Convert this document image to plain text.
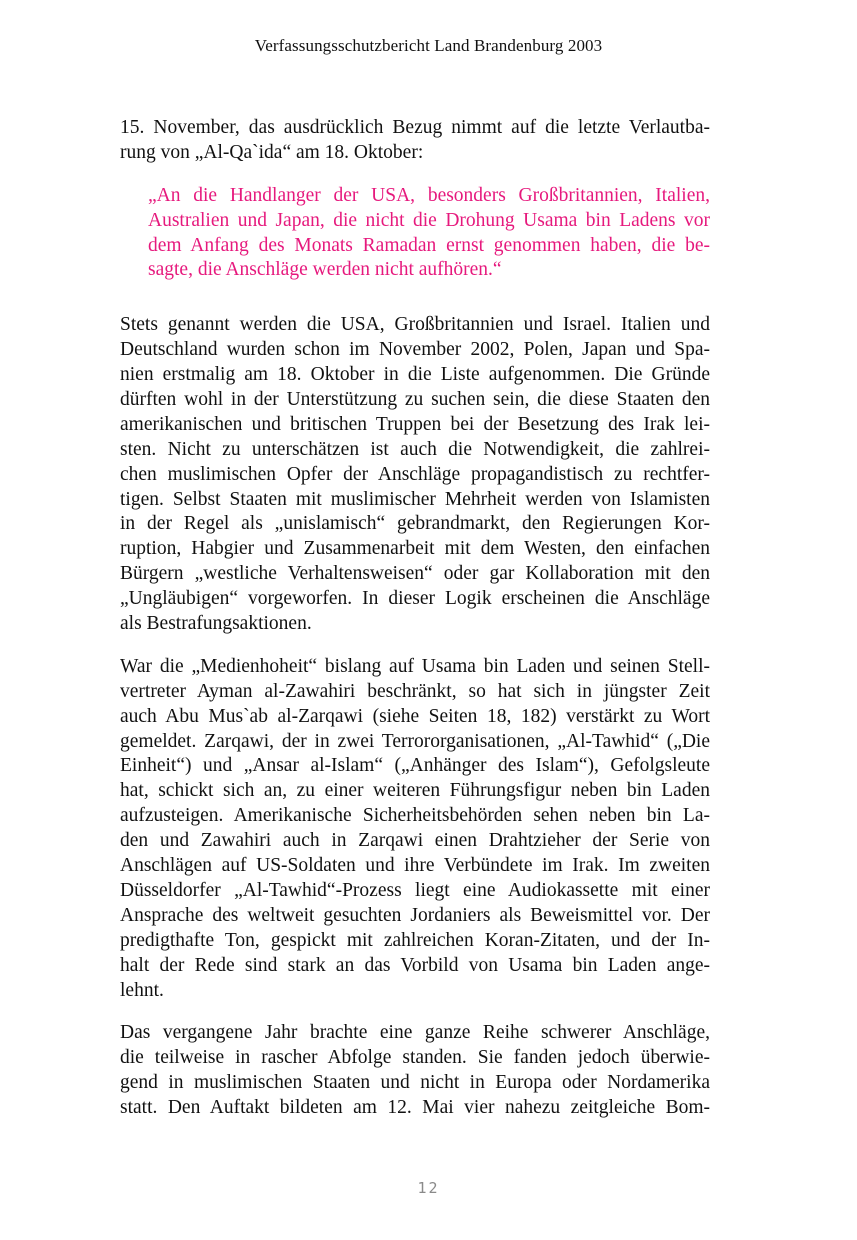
Verfassungsschutzbericht Land Brandenburg 2003
15. November, das ausdrücklich Bezug nimmt auf die letzte Verlautba-
rung von „Al-Qa`ida“ am 18. Oktober:
„An die Handlanger der USA, besonders Großbritannien, Italien,
Australien und Japan, die nicht die Drohung Usama bin Ladens vor
dem Anfang des Monats Ramadan ernst genommen haben, die be-
sagte, die Anschläge werden nicht aufhören.“
Stets genannt werden die USA, Großbritannien und Israel. Italien und
Deutschland wurden schon im November 2002, Polen, Japan und Spa-
nien erstmalig am 18. Oktober in die Liste aufgenommen. Die Gründe
dürften wohl in der Unterstützung zu suchen sein, die diese Staaten den
amerikanischen und britischen Truppen bei der Besetzung des Irak lei-
sten. Nicht zu unterschätzen ist auch die Notwendigkeit, die zahlrei-
chen muslimischen Opfer der Anschläge propagandistisch zu rechtfer-
tigen. Selbst Staaten mit muslimischer Mehrheit werden von Islamisten
in der Regel als „unislamisch“ gebrandmarkt, den Regierungen Kor-
ruption, Habgier und Zusammenarbeit mit dem Westen, den einfachen
Bürgern „westliche Verhaltensweisen“ oder gar Kollaboration mit den
„Ungläubigen“ vorgeworfen. In dieser Logik erscheinen die Anschläge
als Bestrafungsaktionen.
War die „Medienhoheit“ bislang auf Usama bin Laden und seinen Stell-
vertreter Ayman al-Zawahiri beschränkt, so hat sich in jüngster Zeit
auch Abu Mus`ab al-Zarqawi (siehe Seiten 18, 182) verstärkt zu Wort
gemeldet. Zarqawi, der in zwei Terrororganisationen, „Al-Tawhid“ („Die
Einheit“) und „Ansar al-Islam“ („Anhänger des Islam“), Gefolgsleute
hat, schickt sich an, zu einer weiteren Führungsfigur neben bin Laden
aufzusteigen. Amerikanische Sicherheitsbehörden sehen neben bin La-
den und Zawahiri auch in Zarqawi einen Drahtzieher der Serie von
Anschlägen auf US-Soldaten und ihre Verbündete im Irak. Im zweiten
Düsseldorfer „Al-Tawhid“-Prozess liegt eine Audiokassette mit einer
Ansprache des weltweit gesuchten Jordaniers als Beweismittel vor. Der
predigthafte Ton, gespickt mit zahlreichen Koran-Zitaten, und der In-
halt der Rede sind stark an das Vorbild von Usama bin Laden ange-
lehnt.
Das vergangene Jahr brachte eine ganze Reihe schwerer Anschläge,
die teilweise in rascher Abfolge standen. Sie fanden jedoch überwie-
gend in muslimischen Staaten und nicht in Europa oder Nordamerika
statt. Den Auftakt bildeten am 12. Mai vier nahezu zeitgleiche Bom-
12
